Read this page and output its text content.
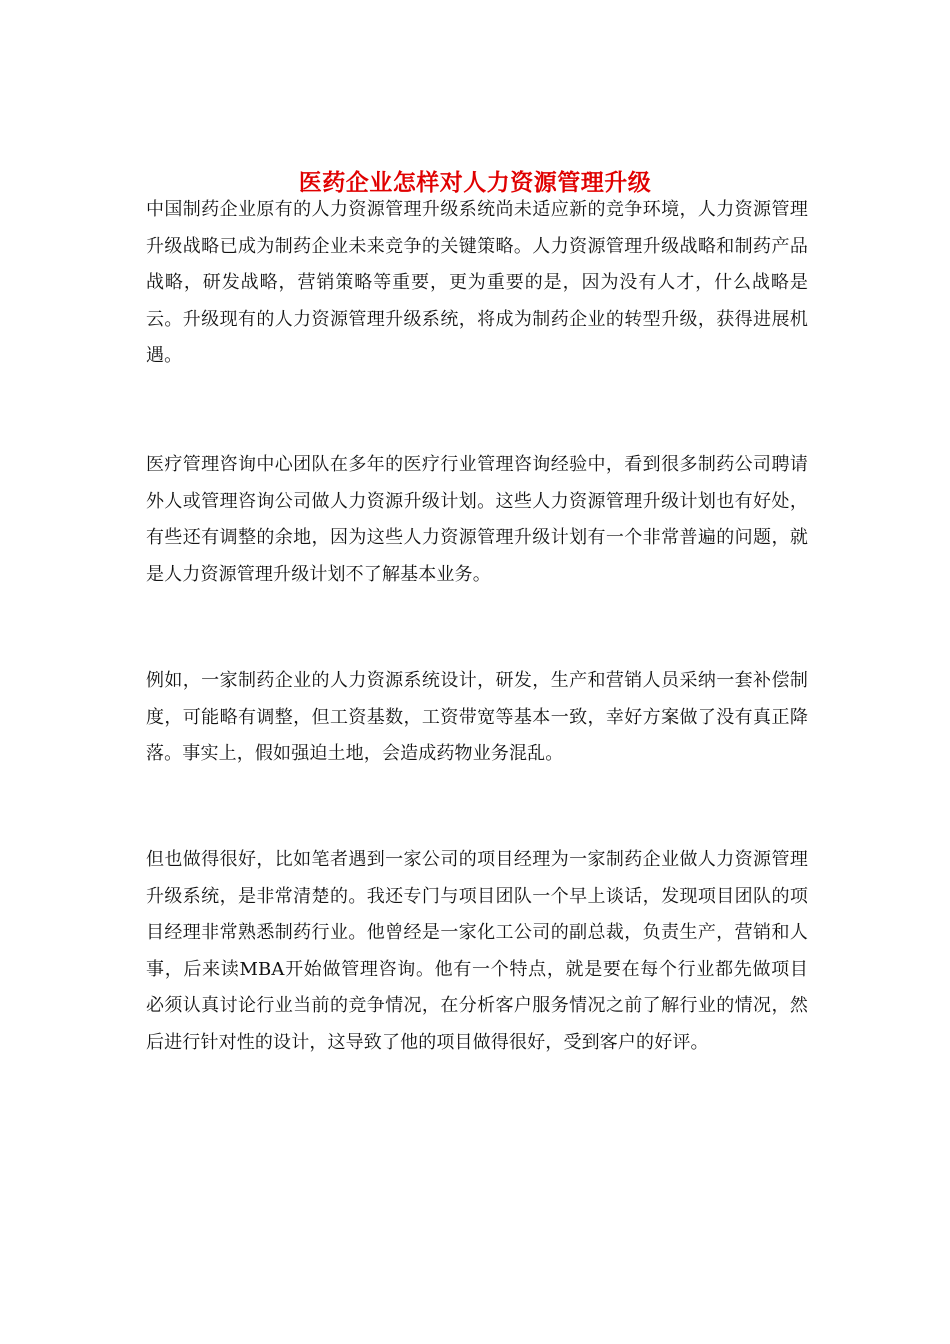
医药企业怎样对人力资源管理升级

中国制药企业原有的人力资源管理升级系统尚未适应新的竞争环境，人力资源管理升级战略已成为制药企业未来竞争的关键策略。人力资源管理升级战略和制药产品战略，研发战略，营销策略等重要，更为重要的是，因为没有人才，什么战略是云。升级现有的人力资源管理升级系统，将成为制药企业的转型升级，获得进展机遇。

医疗管理咨询中心团队在多年的医疗行业管理咨询经验中，看到很多制药公司聘请外人或管理咨询公司做人力资源升级计划。这些人力资源管理升级计划也有好处，有些还有调整的余地，因为这些人力资源管理升级计划有一个非常普遍的问题，就是人力资源管理升级计划不了解基本业务。

例如，一家制药企业的人力资源系统设计，研发，生产和营销人员采纳一套补偿制度，可能略有调整，但工资基数，工资带宽等基本一致，幸好方案做了没有真正降落。事实上，假如强迫土地，会造成药物业务混乱。

但也做得很好，比如笔者遇到一家公司的项目经理为一家制药企业做人力资源管理升级系统，是非常清楚的。我还专门与项目团队一个早上谈话，发现项目团队的项目经理非常熟悉制药行业。他曾经是一家化工公司的副总裁，负责生产，营销和人事，后来读MBA开始做管理咨询。他有一个特点，就是要在每个行业都先做项目必须认真讨论行业当前的竞争情况，在分析客户服务情况之前了解行业的情况，然后进行针对性的设计，这导致了他的项目做得很好，受到客户的好评。
